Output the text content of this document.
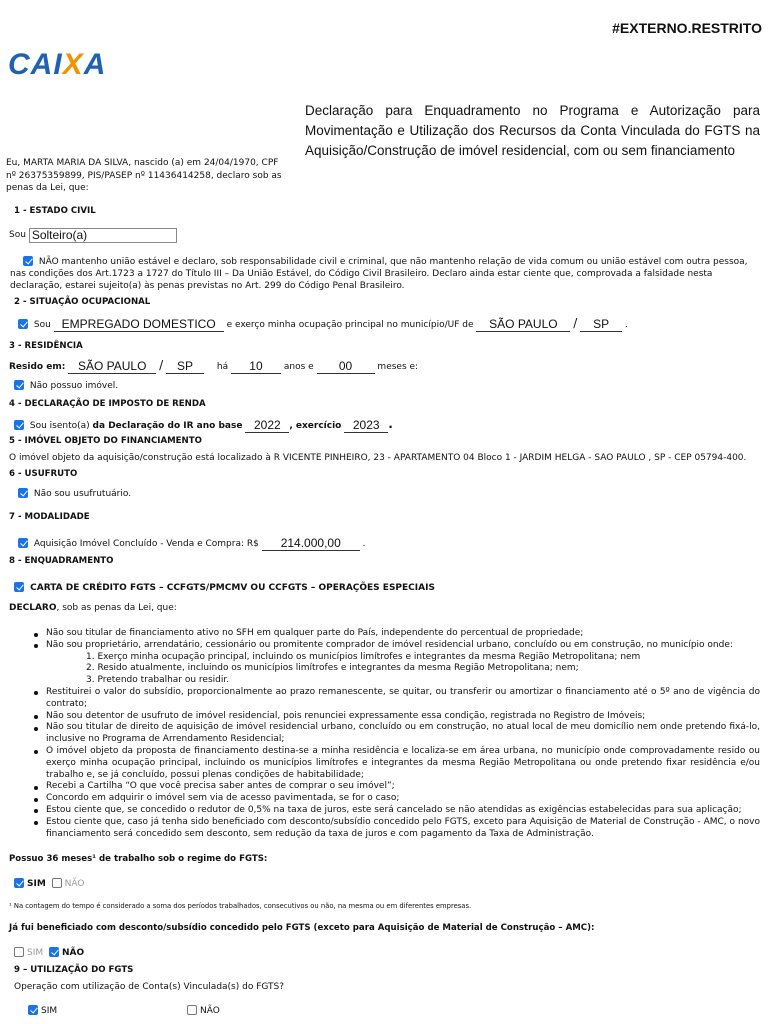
#EXTERNO.RESTRITO
CAIXA
Declaração para Enquadramento no Programa e Autorização para Movimentação e Utilização dos Recursos da Conta Vinculada do FGTS na Aquisição/Construção de imóvel residencial, com ou sem financiamento
Eu, MARTA MARIA DA SILVA, nascido (a) em 24/04/1970, CPF nº 26375359899, PIS/PASEP nº 11436414258, declaro sob as penas da Lei, que:
1 - ESTADO CIVIL
Sou Solteiro(a)
NÃO mantenho união estável e declaro, sob responsabilidade civil e criminal, que não mantenho relação de vida comum ou união estável com outra pessoa, nas condições dos Art.1723 a 1727 do Título III – Da União Estável, do Código Civil Brasileiro. Declaro ainda estar ciente que, comprovada a falsidade nesta declaração, estarei sujeito(a) às penas previstas no Art. 299 do Código Penal Brasileiro.
2 - SITUAÇÃO OCUPACIONAL
Sou EMPREGADO DOMESTICO e exerço minha ocupação principal no município/UF de SÃO PAULO / SP .
3 - RESIDÊNCIA
Resido em: SÃO PAULO / SP	há 10 anos e 00	meses e:
Não possuo imóvel.
4 - DECLARAÇÃO DE IMPOSTO DE RENDA
Sou isento(a) da Declaração do IR ano base 2022 , exercício 2023 .
5 - IMÓVEL OBJETO DO FINANCIAMENTO
O imóvel objeto da aquisição/construção está localizado à R VICENTE PINHEIRO, 23 - APARTAMENTO 04 Bloco 1 - JARDIM HELGA - SAO PAULO , SP - CEP 05794-400.
6 - USUFRUTO
Não sou usufrutuário.
7 - MODALIDADE
Aquisição Imóvel Concluído - Venda e Compra: R$ 214.000,00 .
8 - ENQUADRAMENTO
CARTA DE CRÉDITO FGTS – CCFGTS/PMCMV OU CCFGTS – OPERAÇÕES ESPECIAIS
DECLARO, sob as penas da Lei, que:
Não sou titular de financiamento ativo no SFH em qualquer parte do País, independente do percentual de propriedade;
Não sou proprietário, arrendatário, cessionário ou promitente comprador de imóvel residencial urbano, concluído ou em construção, no município onde:
1. Exerço minha ocupação principal, incluindo os municípios limítrofes e integrantes da mesma Região Metropolitana; nem
2. Resido atualmente, incluindo os municípios limítrofes e integrantes da mesma Região Metropolitana; nem;
3. Pretendo trabalhar ou residir.
Restituirei o valor do subsídio, proporcionalmente ao prazo remanescente, se quitar, ou transferir ou amortizar o financiamento até o 5º ano de vigência do contrato;
Não sou detentor de usufruto de imóvel residencial, pois renunciei expressamente essa condição, registrada no Registro de Imóveis;
Não sou titular de direito de aquisição de imóvel residencial urbano, concluído ou em construção, no atual local de meu domicílio nem onde pretendo fixá-lo, inclusive no Programa de Arrendamento Residencial;
O imóvel objeto da proposta de financiamento destina-se a minha residência e localiza-se em área urbana, no município onde comprovadamente resido ou exerço minha ocupação principal, incluindo os municípios limítrofes e integrantes da mesma Região Metropolitana ou onde pretendo fixar residência e/ou trabalho e, se já concluído, possui plenas condições de habitabilidade;
Recebi a Cartilha “O que você precisa saber antes de comprar o seu imóvel”;
Concordo em adquirir o imóvel sem via de acesso pavimentada, se for o caso;
Estou ciente que, se concedido o redutor de 0,5% na taxa de juros, este será cancelado se não atendidas as exigências estabelecidas para sua aplicação;
Estou ciente que, caso já tenha sido beneficiado com desconto/subsídio concedido pelo FGTS, exceto para Aquisição de Material de Construção - AMC, o novo financiamento será concedido sem desconto, sem redução da taxa de juros e com pagamento da Taxa de Administração.
Possuo 36 meses¹ de trabalho sob o regime do FGTS:
SIM NÃO
¹ Na contagem do tempo é considerado a soma dos períodos trabalhados, consecutivos ou não, na mesma ou em diferentes empresas.
Já fui beneficiado com desconto/subsídio concedido pelo FGTS (exceto para Aquisição de Material de Construção – AMC):
SIM NÃO
9 – UTILIZAÇÃO DO FGTS
Operação com utilização de Conta(s) Vinculada(s) do FGTS?
SIM	NÃO
